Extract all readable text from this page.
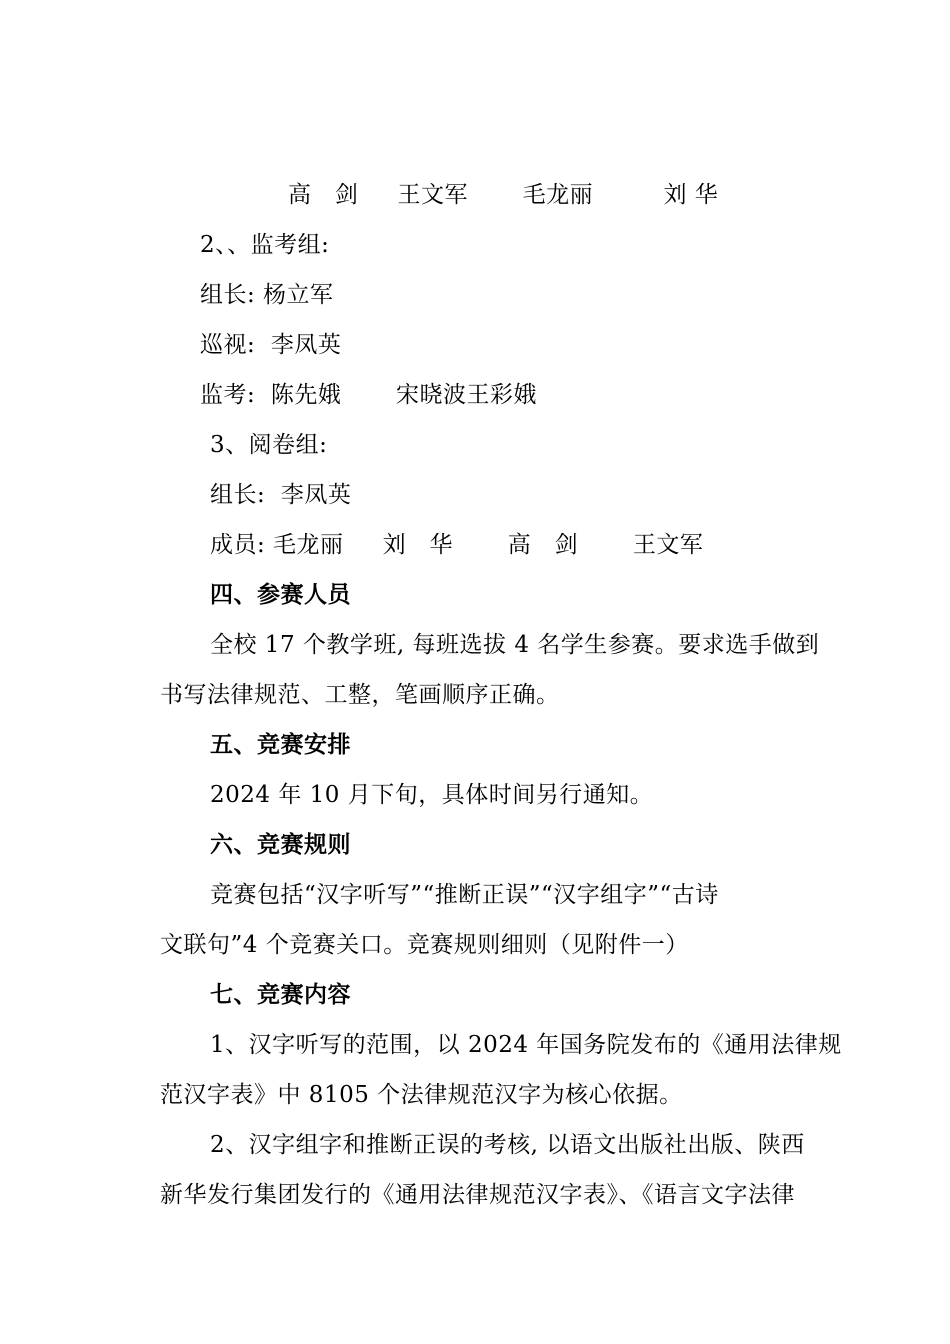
高   剑     王文军       毛龙丽         刘 华
2、、监考组:
组长: 杨立军
巡视:  李凤英
监考:  陈先娥       宋晓波王彩娥
3、阅卷组:
组长:  李凤英
成员: 毛龙丽     刘   华       高   剑       王文军
四、参赛人员
全校 17 个教学班, 每班选拔 4 名学生参赛。要求选手做到
书写法律规范、工整，笔画顺序正确。
五、竞赛安排
2024 年 10 月下旬，具体时间另行通知。
六、竞赛规则
竞赛包括“汉字听写”“推断正误”“汉字组字”“古诗
文联句”4 个竞赛关口。竞赛规则细则（见附件一）
七、竞赛内容
1、汉字听写的范围，以 2024 年国务院发布的《通用法律规
范汉字表》中 8105 个法律规范汉字为核心依据。
2、汉字组字和推断正误的考核, 以语文出版社出版、陕西
新华发行集团发行的《通用法律规范汉字表》、《语言文字法律
